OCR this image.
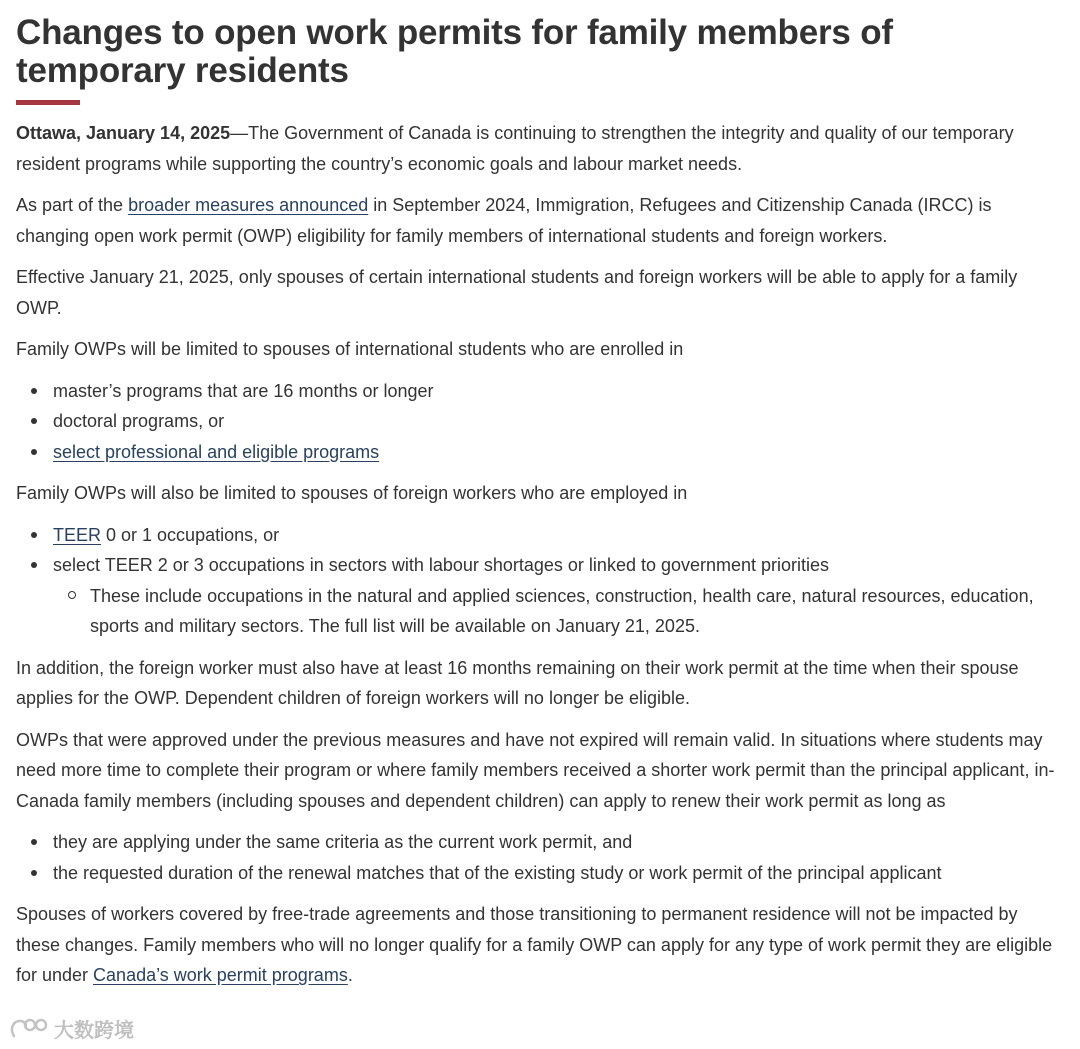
Changes to open work permits for family members of temporary residents

Ottawa, January 14, 2025—The Government of Canada is continuing to strengthen the integrity and quality of our temporary resident programs while supporting the country’s economic goals and labour market needs.

As part of the broader measures announced in September 2024, Immigration, Refugees and Citizenship Canada (IRCC) is changing open work permit (OWP) eligibility for family members of international students and foreign workers.

Effective January 21, 2025, only spouses of certain international students and foreign workers will be able to apply for a family OWP.

Family OWPs will be limited to spouses of international students who are enrolled in

master’s programs that are 16 months or longer
doctoral programs, or
select professional and eligible programs

Family OWPs will also be limited to spouses of foreign workers who are employed in

TEER 0 or 1 occupations, or
select TEER 2 or 3 occupations in sectors with labour shortages or linked to government priorities
These include occupations in the natural and applied sciences, construction, health care, natural resources, education, sports and military sectors. The full list will be available on January 21, 2025.

In addition, the foreign worker must also have at least 16 months remaining on their work permit at the time when their spouse applies for the OWP. Dependent children of foreign workers will no longer be eligible.

OWPs that were approved under the previous measures and have not expired will remain valid. In situations where students may need more time to complete their program or where family members received a shorter work permit than the principal applicant, in-Canada family members (including spouses and dependent children) can apply to renew their work permit as long as

they are applying under the same criteria as the current work permit, and
the requested duration of the renewal matches that of the existing study or work permit of the principal applicant

Spouses of workers covered by free-trade agreements and those transitioning to permanent residence will not be impacted by these changes. Family members who will no longer qualify for a family OWP can apply for any type of work permit they are eligible for under Canada’s work permit programs.

大数跨境
